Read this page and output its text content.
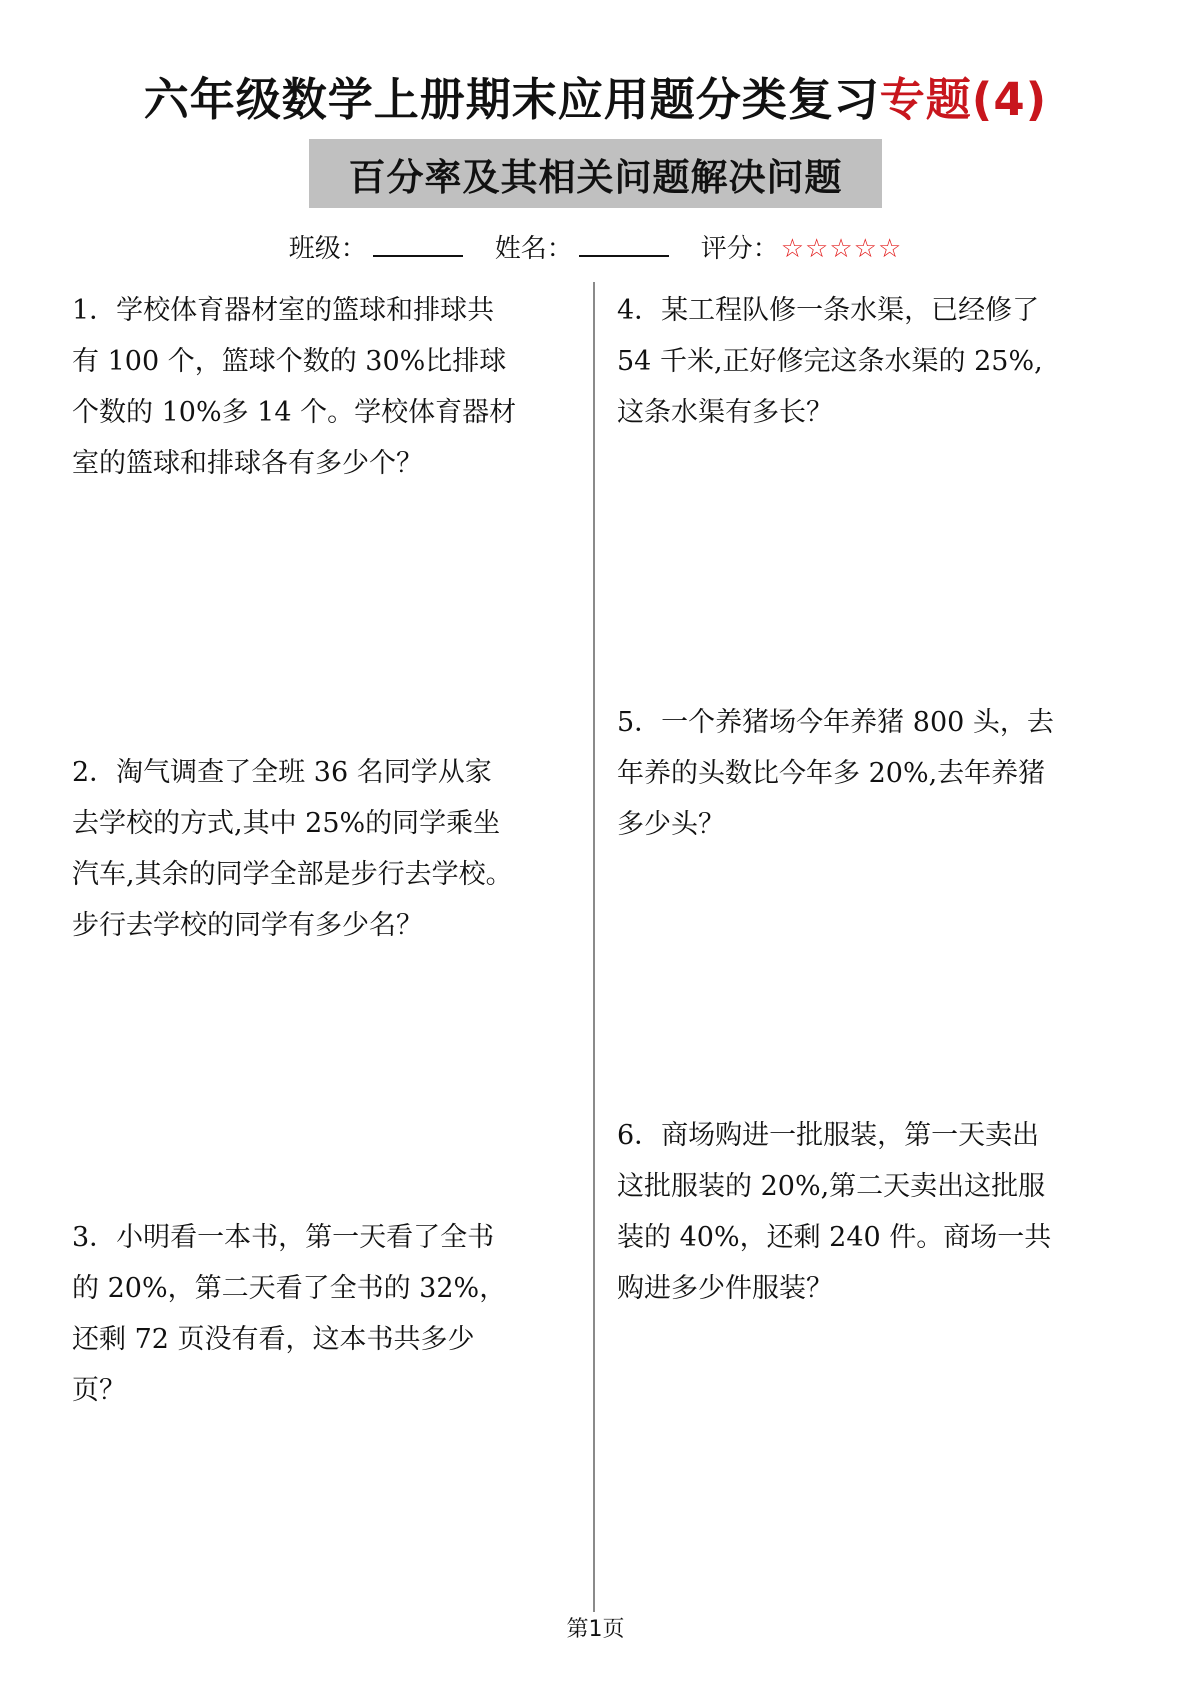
六年级数学上册期末应用题分类复习专题(4)
百分率及其相关问题解决问题
班级：	姓名：	评分： ☆☆☆☆☆
1．学校体育器材室的篮球和排球共
有 100 个，篮球个数的 30%比排球
个数的 10%多 14 个。学校体育器材
室的篮球和排球各有多少个？
2．淘气调查了全班 36 名同学从家
去学校的方式,其中 25%的同学乘坐
汽车,其余的同学全部是步行去学校。
步行去学校的同学有多少名？
3．小明看一本书，第一天看了全书
的 20%，第二天看了全书的 32%，
还剩 72 页没有看，这本书共多少
页？
4．某工程队修一条水渠，已经修了
54 千米,正好修完这条水渠的 25%,
这条水渠有多长？
5．一个养猪场今年养猪 800 头，去
年养的头数比今年多 20%,去年养猪
多少头？
6．商场购进一批服装，第一天卖出
这批服装的 20%,第二天卖出这批服
装的 40%，还剩 240 件。商场一共
购进多少件服装？
第1页
